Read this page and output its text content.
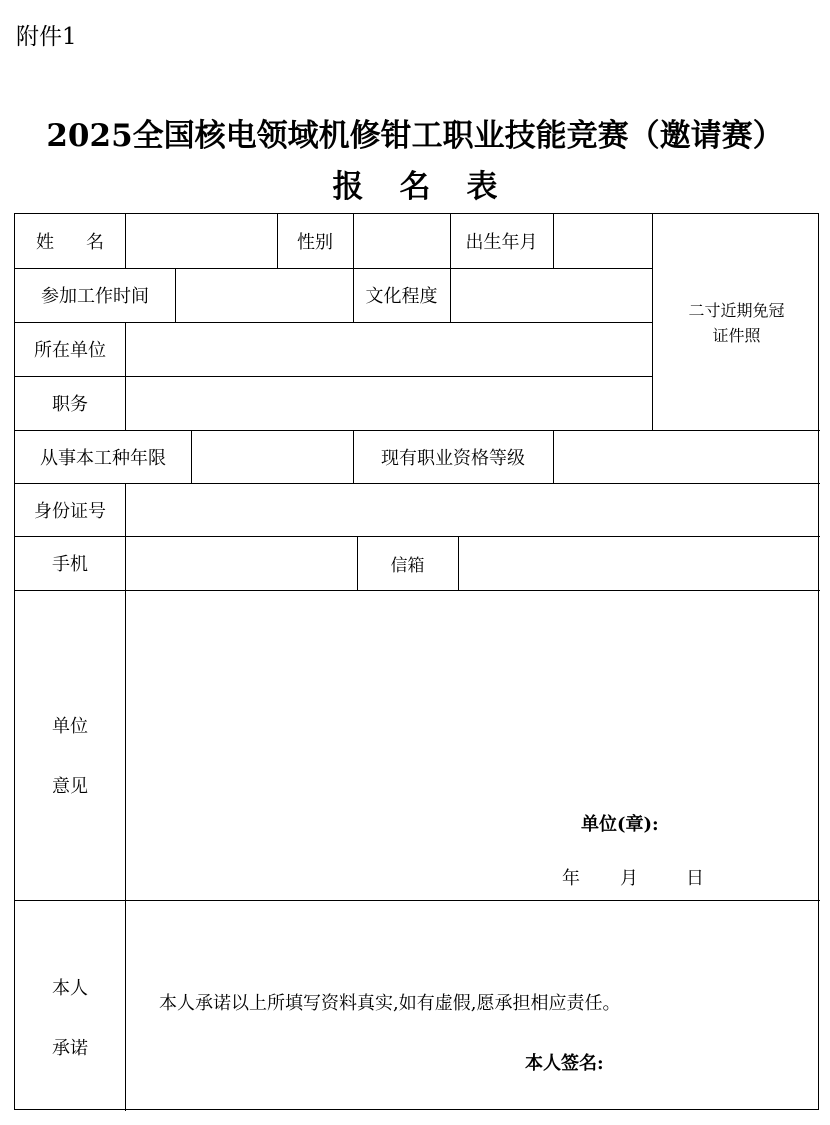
附件1
2025全国核电领域机修钳工职业技能竞赛（邀请赛）
报 名 表
姓 名	性别	出生年月
二寸近期免冠
证件照
参加工作时间	文化程度
所在单位
职务
从事本工种年限	现有职业资格等级
身份证号
手机	信箱
单位
意见
单位(章):
年 月	日
本人
承诺
本人承诺以上所填写资料真实,如有虚假,愿承担相应责任。
本人签名:
